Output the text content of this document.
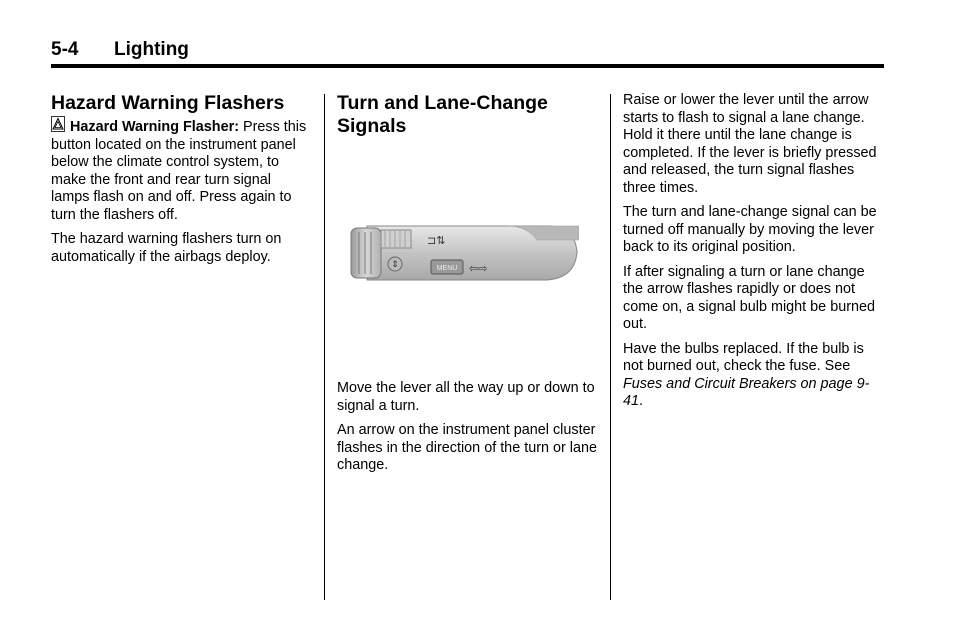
5-4 Lighting
Hazard Warning Flashers

Hazard Warning Flasher: Press this button located on the instrument panel below the climate control system, to make the front and rear turn signal lamps flash on and off. Press again to turn the flashers off.

The hazard warning flashers turn on automatically if the airbags deploy.

Turn and Lane-Change Signals
⇕
⊐⇅
MENU ⇦⇨

Move the lever all the way up or down to signal a turn.

An arrow on the instrument panel cluster flashes in the direction of the turn or lane change.

Raise or lower the lever until the arrow starts to flash to signal a lane change. Hold it there until the lane change is completed. If the lever is briefly pressed and released, the turn signal flashes three times.

The turn and lane-change signal can be turned off manually by moving the lever back to its original position.

If after signaling a turn or lane change the arrow flashes rapidly or does not come on, a signal bulb might be burned out.

Have the bulbs replaced. If the bulb is not burned out, check the fuse. See Fuses and Circuit Breakers on page 9-41.
